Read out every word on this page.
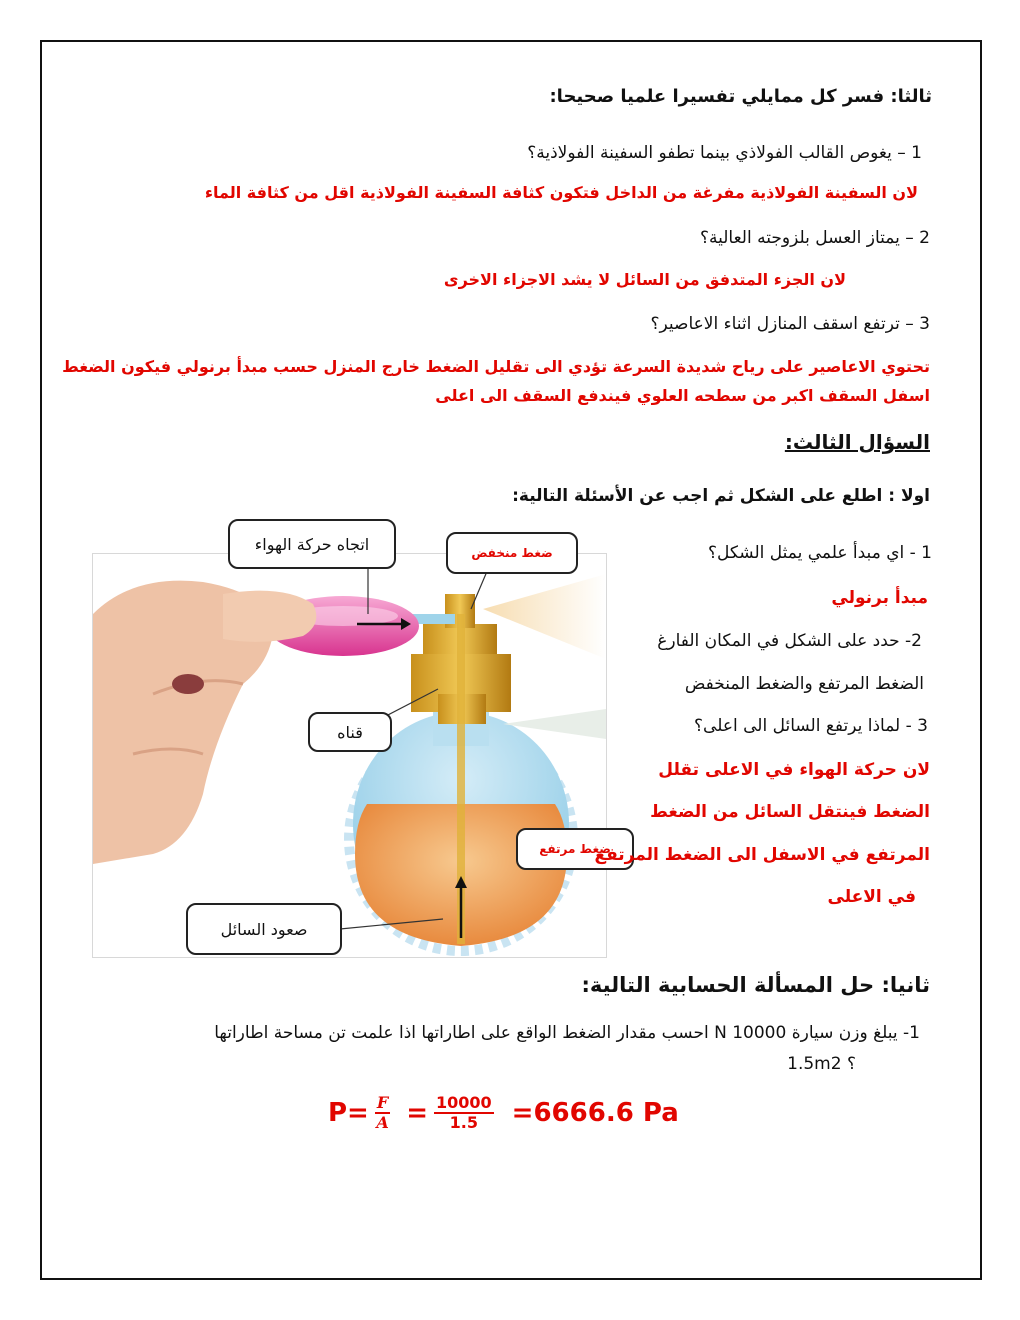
ثالثا: فسر كل ممايلي تفسيرا علميا صحيحا:
1 – يغوص القالب الفولاذي بينما تطفو السفينة الفولاذية؟
لان السفينة الفولاذية مفرغة من الداخل فتكون كثافة السفينة الفولاذية اقل من كثافة الماء
2 – يمتاز العسل بلزوجته العالية؟
لان الجزء المتدفق من السائل لا يشد الاجزاء الاخرى
3 – ترتفع اسقف المنازل اثناء الاعاصير؟
تحتوي الاعاصير على رياح شديدة السرعة تؤدي الى تقليل الضغط خارج المنزل حسب مبدأ برنولي فيكون الضغط
اسفل السقف اكبر من سطحه العلوي فيندفع السقف الى اعلى
السؤال الثالث:
اولا : اطلع على الشكل ثم اجب عن الأسئلة التالية:
اتجاه حركة الهواء	ضغط منخفض
قناه
ضغط مرتفع
صعود السائل
1 - اي مبدأ علمي يمثل الشكل؟
مبدأ برنولي
2- حدد على الشكل في المكان الفارغ
الضغط المرتفع والضغط المنخفض
3 - لماذا يرتفع السائل الى اعلى؟
لان حركة الهواء في الاعلى تقلل
الضغط فينتقل السائل من الضغط
المرتفع في الاسفل الى الضغط المرتفع
في الاعلى
ثانيا: حل المسألة الحسابية التالية:
1- يبلغ وزن سيارة N 10000 احسب مقدار الضغط الواقع على اطاراتها اذا علمت تن مساحة اطاراتها
؟ 1.5m2
$P= \frac{F}{A} = \frac{10000}{1.5} =6666.6$ Pa
